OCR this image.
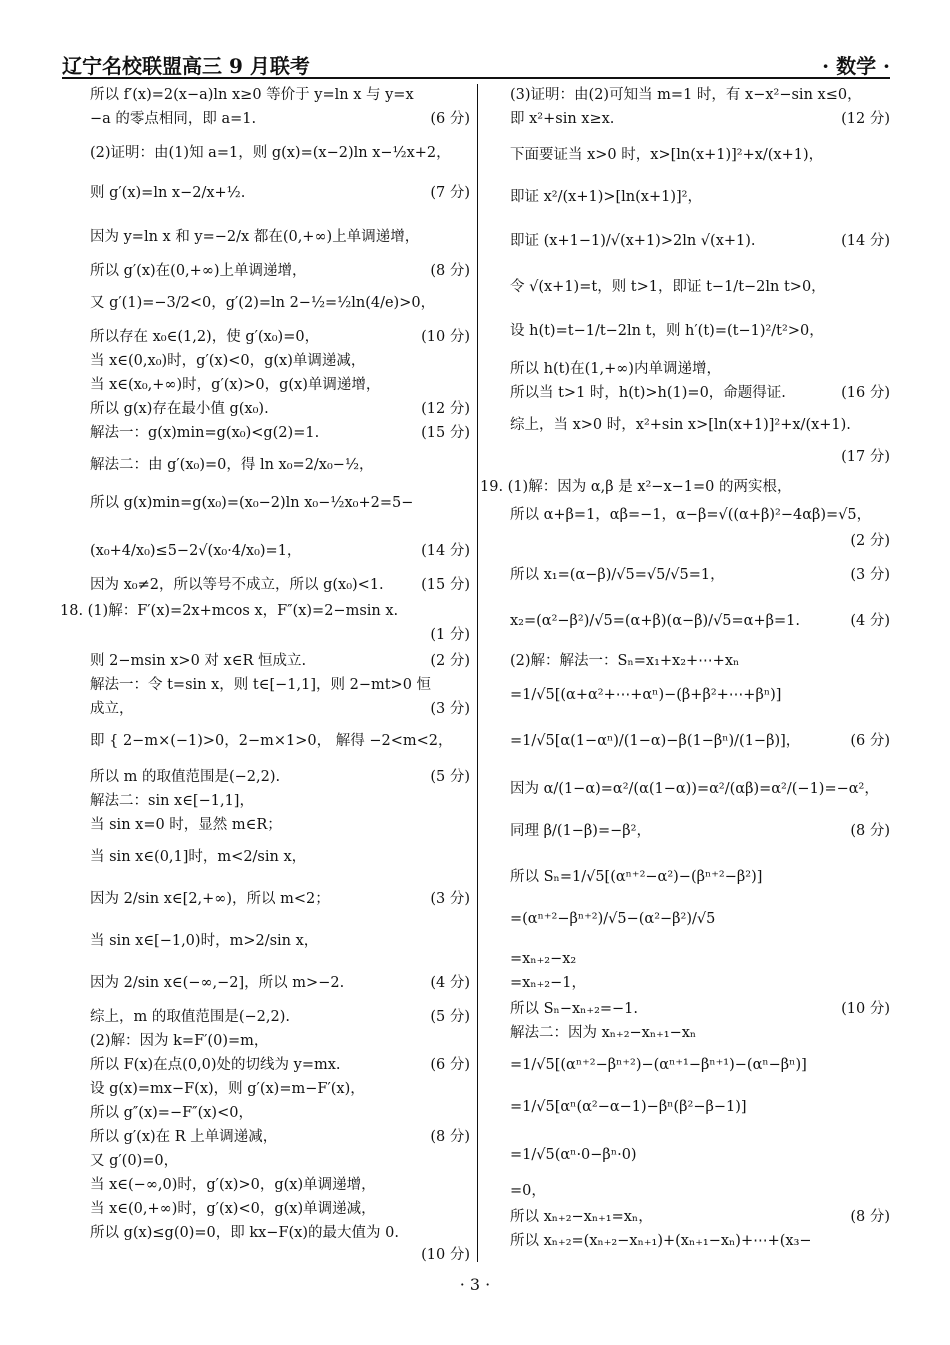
辽宁名校联盟高三 9 月联考	· 数学 ·
所以 f′(x)=2(x−a)ln x≥0 等价于 y=ln x 与 y=x
−a 的零点相同，即 a=1.	(6 分)
(2)证明：由(1)知 a=1，则 g(x)=(x−2)ln x−½x+2，
则 g′(x)=ln x−2/x+½.	(7 分)
因为 y=ln x 和 y=−2/x 都在(0,+∞)上单调递增，
所以 g′(x)在(0,+∞)上单调递增，	(8 分)
又 g′(1)=−3/2<0，g′(2)=ln 2−½=½ln(4/e)>0，
所以存在 x₀∈(1,2)，使 g′(x₀)=0，	(10 分)
当 x∈(0,x₀)时，g′(x)<0，g(x)单调递减，
当 x∈(x₀,+∞)时，g′(x)>0，g(x)单调递增，
所以 g(x)存在最小值 g(x₀).	(12 分)
解法一：g(x)min=g(x₀)<g(2)=1.	(15 分)
解法二：由 g′(x₀)=0，得 ln x₀=2/x₀−½，
所以 g(x)min=g(x₀)=(x₀−2)ln x₀−½x₀+2=5−
(x₀+4/x₀)≤5−2√(x₀·4/x₀)=1，	(14 分)
因为 x₀≠2，所以等号不成立，所以 g(x₀)<1.	(15 分)
18. (1)解：F′(x)=2x+mcos x，F″(x)=2−msin x.
(1 分)
则 2−msin x>0 对 x∈R 恒成立.	(2 分)
解法一：令 t=sin x，则 t∈[−1,1]，则 2−mt>0 恒
成立，	(3 分)
即 { 2−m×(−1)>0，2−m×1>0， 解得 −2<m<2，
所以 m 的取值范围是(−2,2).	(5 分)
解法二：sin x∈[−1,1]，
当 sin x=0 时，显然 m∈R；
当 sin x∈(0,1]时，m<2/sin x，
因为 2/sin x∈[2,+∞)，所以 m<2；	(3 分)
当 sin x∈[−1,0)时，m>2/sin x，
因为 2/sin x∈(−∞,−2]，所以 m>−2.	(4 分)
综上，m 的取值范围是(−2,2).	(5 分)
(2)解：因为 k=F′(0)=m，
所以 F(x)在点(0,0)处的切线为 y=mx.	(6 分)
设 g(x)=mx−F(x)，则 g′(x)=m−F′(x)，
所以 g″(x)=−F″(x)<0，
所以 g′(x)在 R 上单调递减，	(8 分)
又 g′(0)=0，
当 x∈(−∞,0)时，g′(x)>0，g(x)单调递增，
当 x∈(0,+∞)时，g′(x)<0，g(x)单调递减，
所以 g(x)≤g(0)=0，即 kx−F(x)的最大值为 0.
(10 分)
(3)证明：由(2)可知当 m=1 时，有 x−x²−sin x≤0，
即 x²+sin x≥x.	(12 分)
下面要证当 x>0 时，x>[ln(x+1)]²+x/(x+1)，
即证 x²/(x+1)>[ln(x+1)]²，
即证 (x+1−1)/√(x+1)>2ln √(x+1).	(14 分)
令 √(x+1)=t，则 t>1，即证 t−1/t−2ln t>0，
设 h(t)=t−1/t−2ln t，则 h′(t)=(t−1)²/t²>0，
所以 h(t)在(1,+∞)内单调递增，
所以当 t>1 时，h(t)>h(1)=0，命题得证.	(16 分)
综上，当 x>0 时，x²+sin x>[ln(x+1)]²+x/(x+1).
(17 分)
19. (1)解：因为 α,β 是 x²−x−1=0 的两实根，
所以 α+β=1，αβ=−1，α−β=√((α+β)²−4αβ)=√5，
(2 分)
所以 x₁=(α−β)/√5=√5/√5=1，	(3 分)
x₂=(α²−β²)/√5=(α+β)(α−β)/√5=α+β=1.	(4 分)
(2)解：解法一：Sₙ=x₁+x₂+⋯+xₙ
=1/√5[(α+α²+⋯+αⁿ)−(β+β²+⋯+βⁿ)]
=1/√5[α(1−αⁿ)/(1−α)−β(1−βⁿ)/(1−β)]，	(6 分)
因为 α/(1−α)=α²/(α(1−α))=α²/(αβ)=α²/(−1)=−α²，
同理 β/(1−β)=−β²，	(8 分)
所以 Sₙ=1/√5[(αⁿ⁺²−α²)−(βⁿ⁺²−β²)]
=(αⁿ⁺²−βⁿ⁺²)/√5−(α²−β²)/√5
=xₙ₊₂−x₂
=xₙ₊₂−1，
所以 Sₙ−xₙ₊₂=−1.	(10 分)
解法二：因为 xₙ₊₂−xₙ₊₁−xₙ
=1/√5[(αⁿ⁺²−βⁿ⁺²)−(αⁿ⁺¹−βⁿ⁺¹)−(αⁿ−βⁿ)]
=1/√5[αⁿ(α²−α−1)−βⁿ(β²−β−1)]
=1/√5(αⁿ·0−βⁿ·0)
=0，
所以 xₙ₊₂−xₙ₊₁=xₙ，	(8 分)
所以 xₙ₊₂=(xₙ₊₂−xₙ₊₁)+(xₙ₊₁−xₙ)+⋯+(x₃−
· 3 ·
